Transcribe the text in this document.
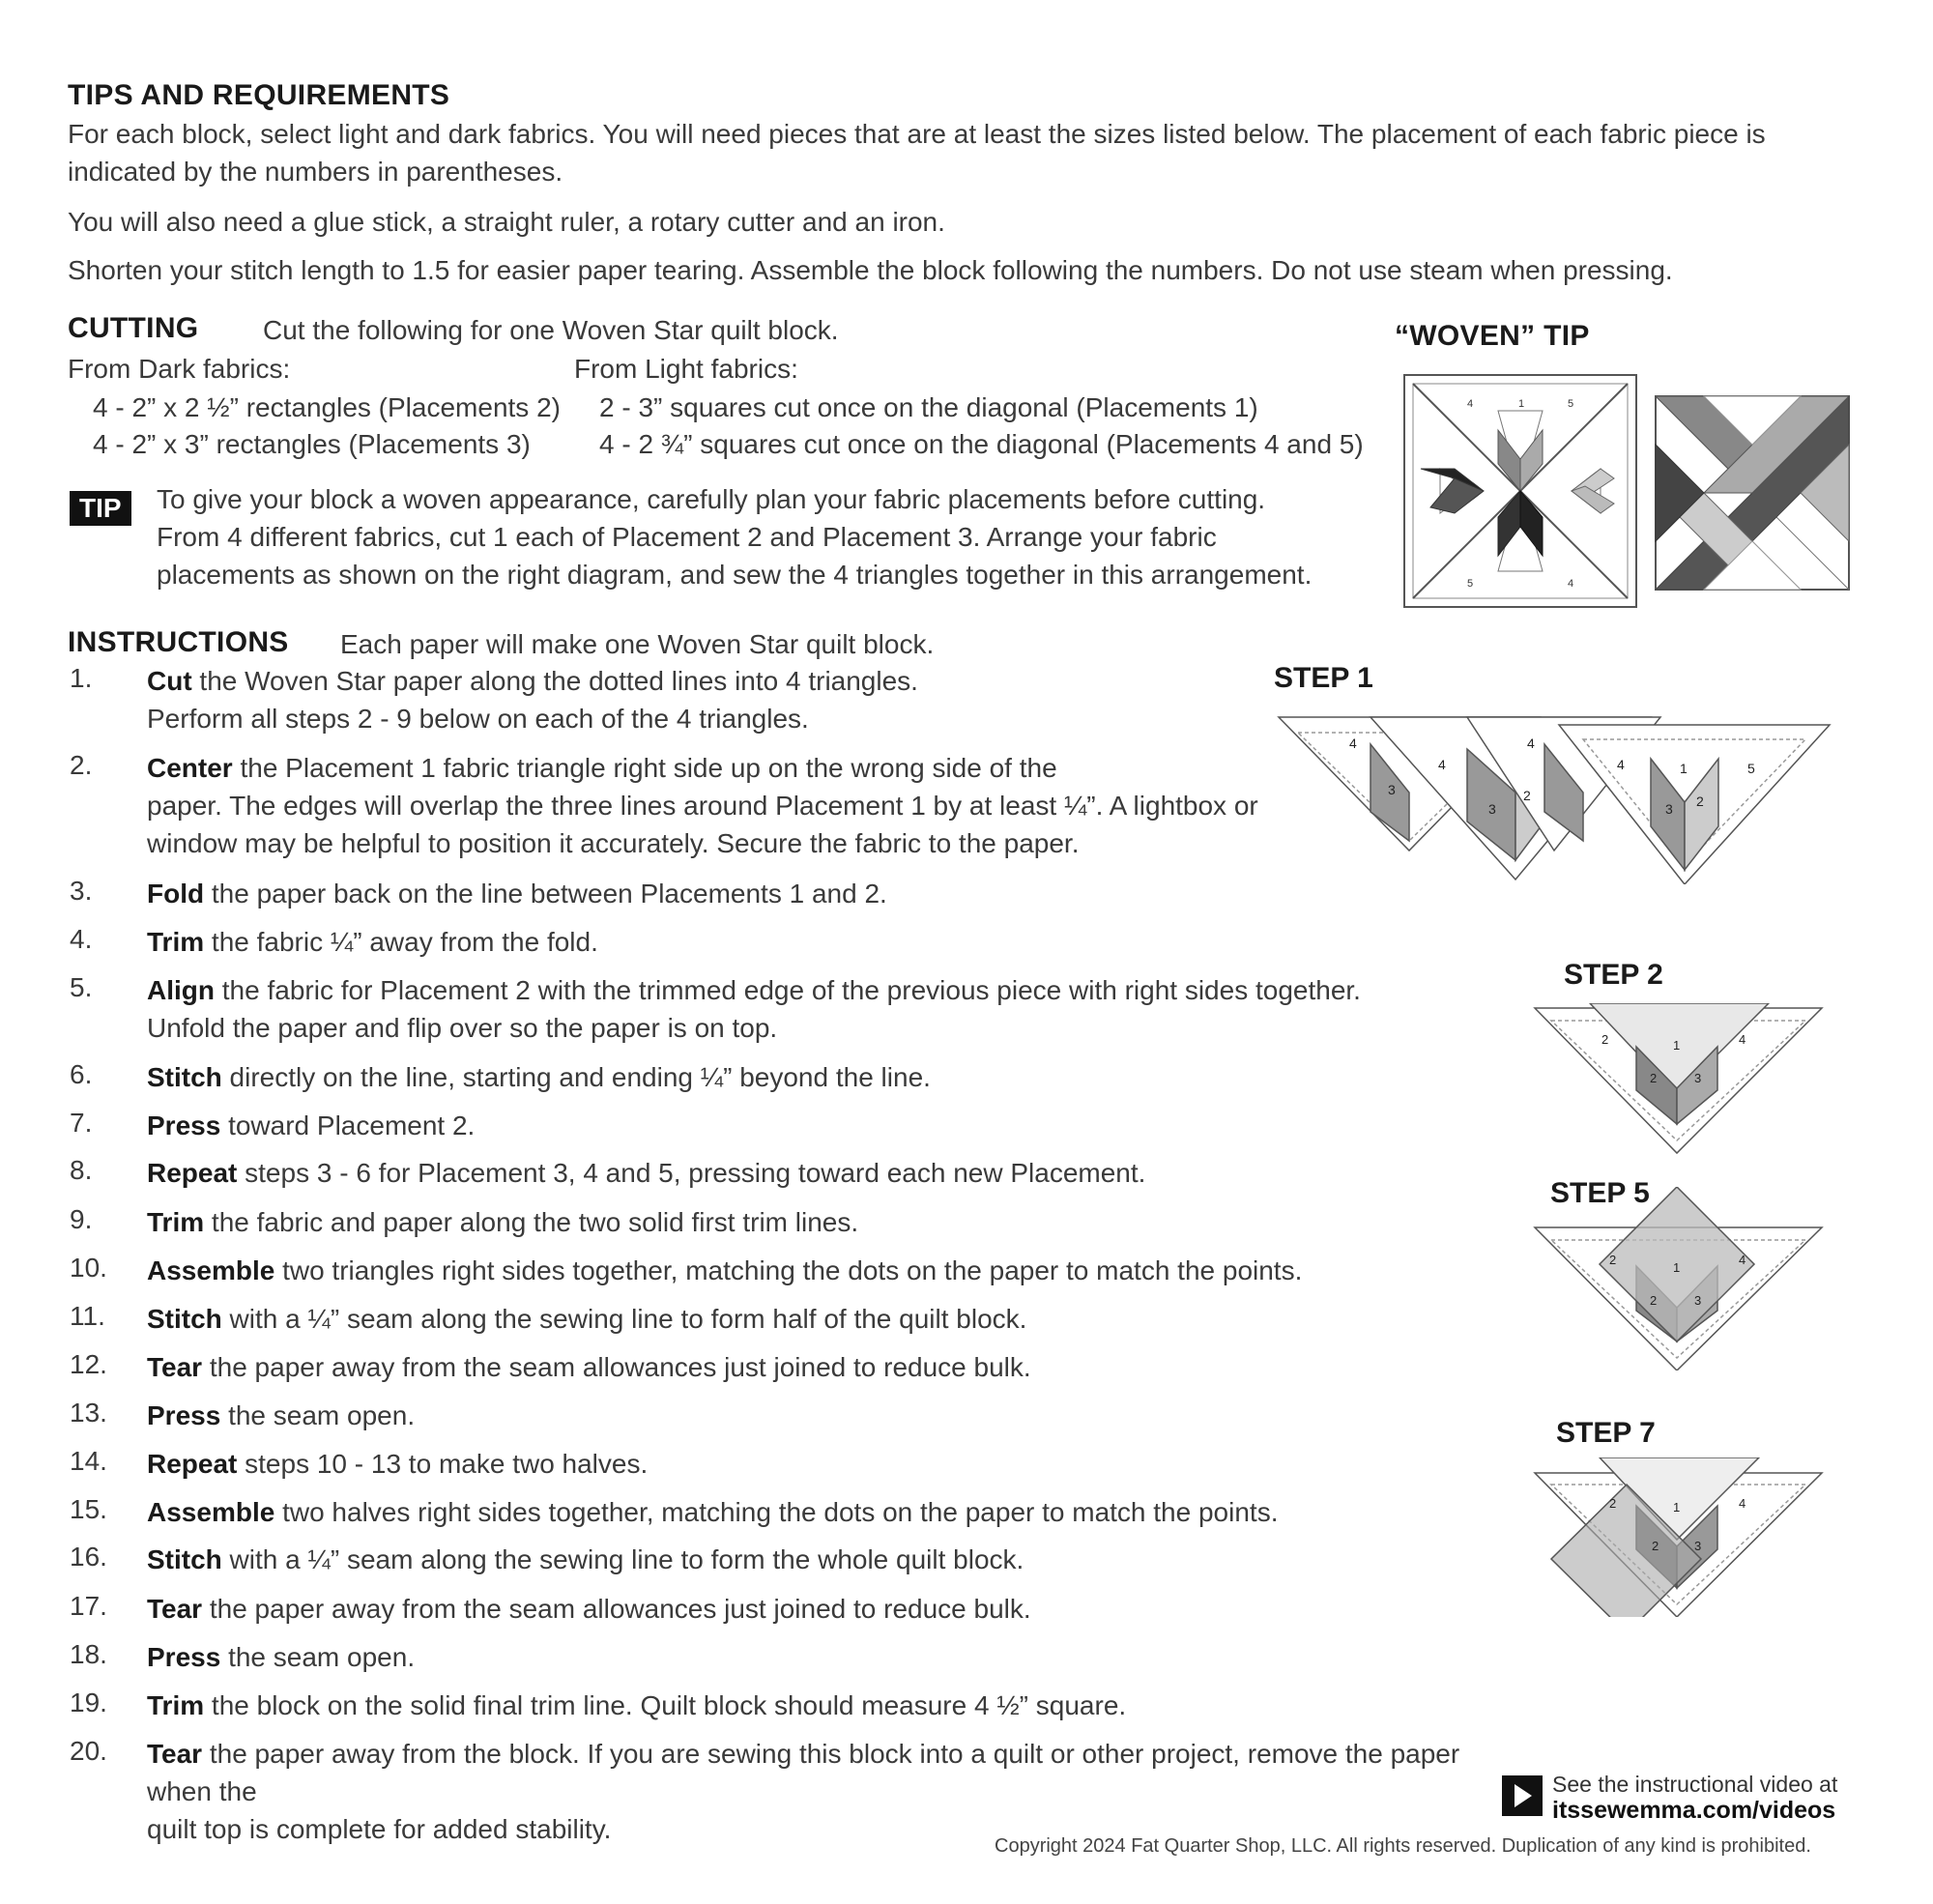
TIPS AND REQUIREMENTS
For each block, select light and dark fabrics. You will need pieces that are at least the sizes listed below. The placement of each fabric piece is indicated by the numbers in parentheses.
You will also need a glue stick, a straight ruler, a rotary cutter and an iron.
Shorten your stitch length to 1.5 for easier paper tearing. Assemble the block following the numbers. Do not use steam when pressing.
CUTTING Cut the following for one Woven Star quilt block.
From Dark fabrics:
4 - 2” x 2 ½” rectangles (Placements 2)
4 - 2” x 3” rectangles (Placements 3)
From Light fabrics:
2 - 3” squares cut once on the diagonal (Placements 1)
4 - 2 ¾” squares cut once on the diagonal (Placements 4 and 5)
TIP	To give your block a woven appearance, carefully plan your fabric placements before cutting.
From 4 different fabrics, cut 1 each of Placement 2 and Placement 3. Arrange your fabric
placements as shown on the right diagram, and sew the 4 triangles together in this arrangement.
“WOVEN” TIP
4	1	5
5	4
INSTRUCTIONS Each paper will make one Woven Star quilt block.
1. Cut the Woven Star paper along the dotted lines into 4 triangles.
Perform all steps 2 - 9 below on each of the 4 triangles.
2. Center the Placement 1 fabric triangle right side up on the wrong side of the
paper. The edges will overlap the three lines around Placement 1 by at least ¼”. A lightbox or
window may be helpful to position it accurately. Secure the fabric to the paper.
3. Fold the paper back on the line between Placements 1 and 2.
4. Trim the fabric ¼” away from the fold.
5. Align the fabric for Placement 2 with the trimmed edge of the previous piece with right sides together.
Unfold the paper and flip over so the paper is on top.
6. Stitch directly on the line, starting and ending ¼” beyond the line.
7. Press toward Placement 2.
8. Repeat steps 3 - 6 for Placement 3, 4 and 5, pressing toward each new Placement.
9. Trim the fabric and paper along the two solid first trim lines.
10. Assemble two triangles right sides together, matching the dots on the paper to match the points.
11. Stitch with a ¼” seam along the sewing line to form half of the quilt block.
12. Tear the paper away from the seam allowances just joined to reduce bulk.
13. Press the seam open.
14. Repeat steps 10 - 13 to make two halves.
15. Assemble two halves right sides together, matching the dots on the paper to match the points.
16. Stitch with a ¼” seam along the sewing line to form the whole quilt block.
17. Tear the paper away from the seam allowances just joined to reduce bulk.
18. Press the seam open.
19. Trim the block on the solid final trim line. Quilt block should measure 4 ½” square.
20. Tear the paper away from the block. If you are sewing this block into a quilt or other project, remove the paper when the
quilt top is complete for added stability.
STEP 1
STEP 2
STEP 5
STEP 7
4
3
4
3
2
4
4	1	5
3 2
2	1	4
2	3
2
1
4
2	3
2	1	4
2	3
See the instructional video at
itssewemma.com/videos
Copyright 2024 Fat Quarter Shop, LLC. All rights reserved. Duplication of any kind is prohibited.
